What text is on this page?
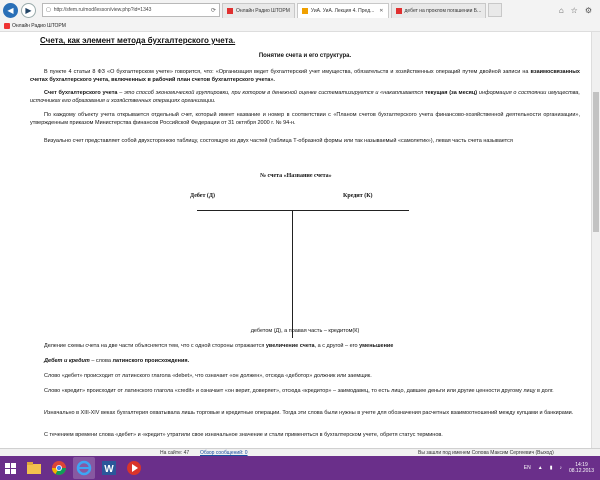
◀	▶	▢ http://sfem.ru/mod/lesson/view.php?id=1343	⟳	Онлайн Радио ШТОРМ	УиА. УиА. Лекция 4. Пред... ✕	дебет на проклом погашении Б...	⌂ ☆ ⚙
Онлайн Радио ШТОРМ
Счета, как элемент метода бухгалтерского учета.
Понятие счета и его структура.
В пункте 4 статьи 8 ФЗ «О бухгалтерском учете» говорится, что: «Организация ведет бухгалтерский учет имущества, обязательств и хозяйственных операций путем двойной записи на взаимосвязанных счетах бухгалтерского учета, включенных в рабочий план счетов бухгалтерского учета».
Счет бухгалтерского учета – это способ экономической группировки, при котором в денежной оценке систематизируется и «накапливается текущая (за месяц) информация о состоянии имущества, источниках его образования и хозяйственных операциях организации.
По каждому объекту учета открывается отдельный счет, который имеет название и номер в соответствии с «Планом счетов бухгалтерского учета финансово-хозяйственной деятельности организации», утвержденным приказом Министерства финансов Российской Федерации от 31 октября 2000 г. № 94-н.
Визуально счет представляет собой двухсторонюю таблицу, состоящую из двух частей (таблица Т-образной формы или так называемый «самолетик»), левая часть счета называется
№ счета «Название счета»
Дебет (Д)	Кредит (К)
дебетом (Д), а правая часть – кредитом(К)
Деление схемы счета на две части объясняется тем, что с одной стороны отражается увеличение счета, а с другой – его уменьшение
Дебет и кредит – слова латинского происхождения.
Слово «дебет» происходит от латинского глагола «debet», что означает «он должен», отсюда «деботор» должник или заемщик.
Слово «кредит» происходит от латинского глагола «credit» и означает «он верит, доверяет», отсюда «кредитор» – заимодавец, то есть лицо, давшее деньги или другие ценности другому лицу в долг.
Изначально в XIII-XIV веках бухгалтерия охватывала лишь торговые и кредитные операции. Тогда эти слова были нужны в учете для обозначения расчетных взаимоотношений между купцами и банкирами.
С течением времени слова «дебет» и «кредит» утратили свое изначальное значение и стали применяться в бухгалтерском учете, обретя статус терминов.
На сайте: 47 Обзор сообщений: 0	Вы зашли под именем Сопова Максим Сергеевич (Выход)
W	EN ▲ ▮ ♪	14:19
08.12.2013
